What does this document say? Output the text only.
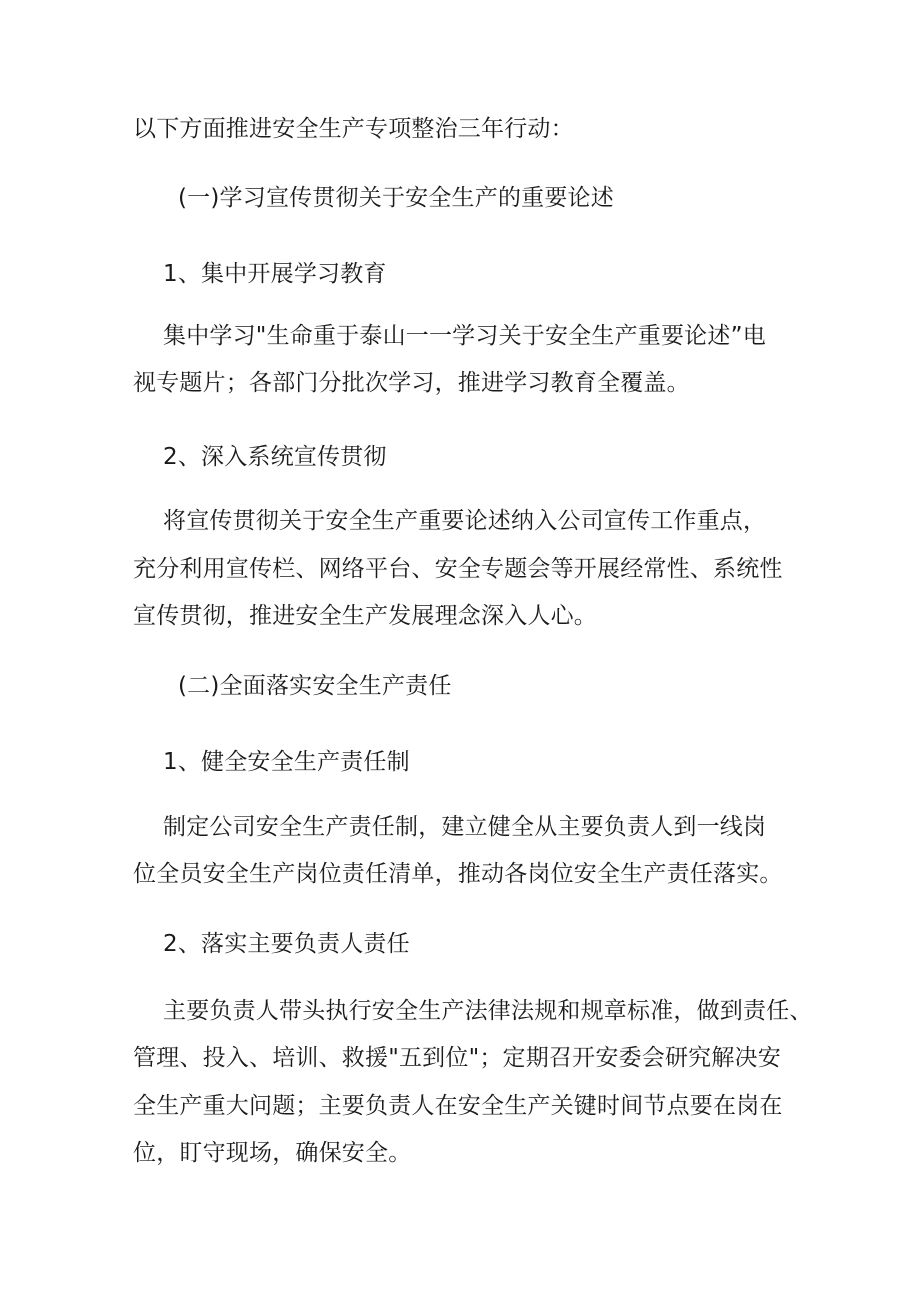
以下方面推进安全生产专项整治三年行动：
(一)学习宣传贯彻关于安全生产的重要论述
1、集中开展学习教育
集中学习"生命重于泰山一一学习关于安全生产重要论述”电
视专题片；各部门分批次学习，推进学习教育全覆盖。
2、深入系统宣传贯彻
将宣传贯彻关于安全生产重要论述纳入公司宣传工作重点，
充分利用宣传栏、网络平台、安全专题会等开展经常性、系统性
宣传贯彻，推进安全生产发展理念深入人心。
(二)全面落实安全生产责任
1、健全安全生产责任制
制定公司安全生产责任制，建立健全从主要负责人到一线岗
位全员安全生产岗位责任清单，推动各岗位安全生产责任落实。
2、落实主要负责人责任
主要负责人带头执行安全生产法律法规和规章标准，做到责任、
管理、投入、培训、救援"五到位"；定期召开安委会研究解决安
全生产重大问题；主要负责人在安全生产关键时间节点要在岗在
位，盯守现场，确保安全。
